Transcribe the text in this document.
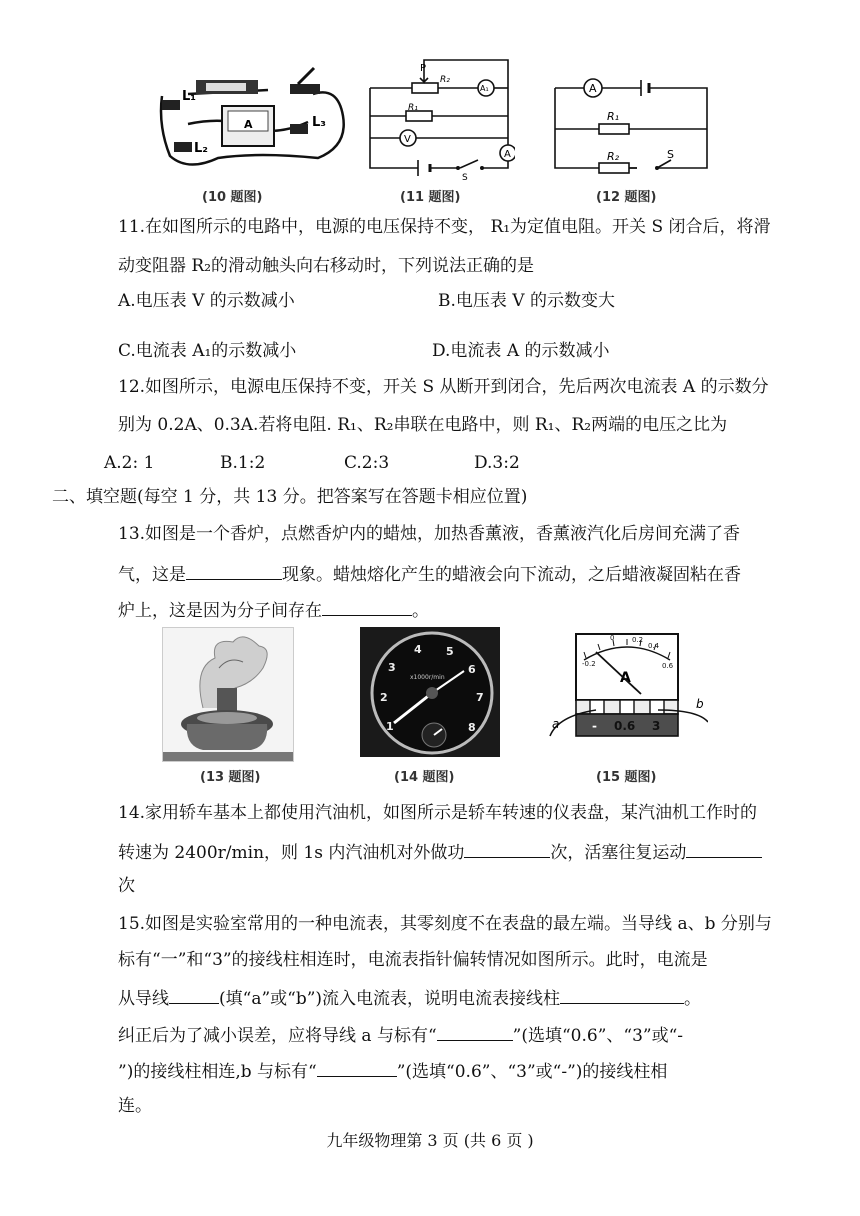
L₁
L₂
L₃
A
(10 题图)
P
R₂
R₁
A₁
V
A
S
(11 题图)
A
R₁
R₂	S
(12 题图)
11.在如图所示的电路中，电源的电压保持不变， R₁为定值电阻。开关 S 闭合后，将滑
动变阻器 R₂的滑动触头向右移动时，下列说法正确的是
A.电压表 V 的示数减小	B.电压表 V 的示数变大
C.电流表 A₁的示数减小	D.电流表 A 的示数减小
12.如图所示，电源电压保持不变，开关 S 从断开到闭合，先后两次电流表 A 的示数分
别为 0.2A、0.3A.若将电阻. R₁、R₂串联在电路中，则 R₁、R₂两端的电压之比为
A.2: 1	B.1:2	C.2:3	D.3:2
二、填空题(每空 1 分，共 13 分。把答案写在答题卡相应位置)
13.如图是一个香炉，点燃香炉内的蜡烛，加热香薰液，香薰液汽化后房间充满了香
气，这是	现象。蜡烛熔化产生的蜡液会向下流动，之后蜡液凝固粘在香
炉上，这是因为分子间存在	。
(13 题图)
1
2
3
4 5
6
7
8
x1000r/min
(14 题图)
0	0.2
0.4
0.6
-0.2
A
- 0.6 3
a
b
(15 题图)
14.家用轿车基本上都使用汽油机，如图所示是轿车转速的仪表盘，某汽油机工作时的
转速为 2400r/min，则 1s 内汽油机对外做功	次，活塞往复运动
次
15.如图是实验室常用的一种电流表，其零刻度不在表盘的最左端。当导线 a、b 分别与
标有“一”和“3”的接线柱相连时，电流表指针偏转情况如图所示。此时，电流是
从导线	(填“a”或“b”)流入电流表，说明电流表接线柱	。
纠正后为了减小误差，应将导线 a 与标有“	”(选填“0.6”、“3”或“-
”)的接线柱相连,b 与标有“	”(选填“0.6”、“3”或“-”)的接线柱相
连。
九年级物理第 3 页 (共 6 页 )
